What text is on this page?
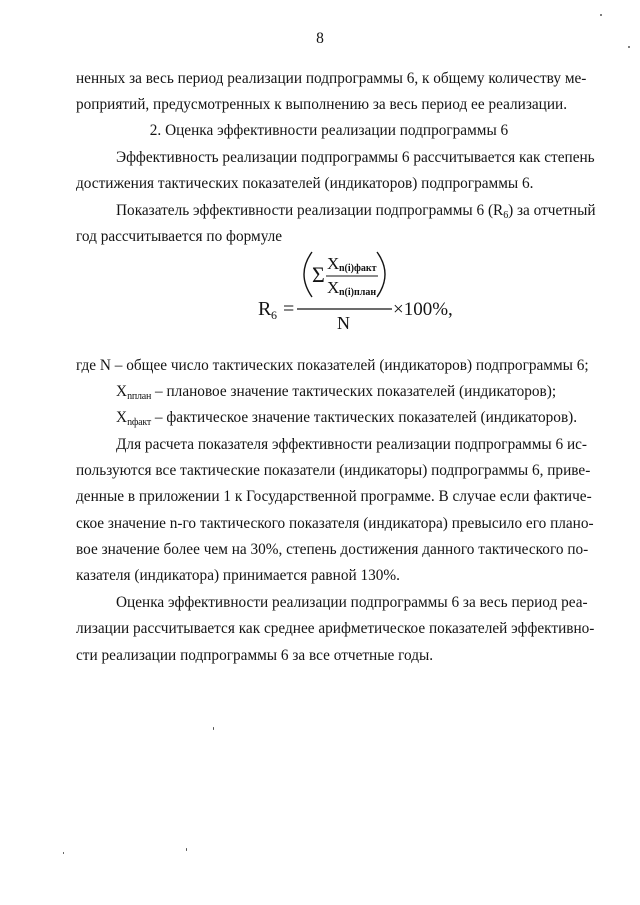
8
ненных за весь период реализации подпрограммы 6, к общему количеству ме-
роприятий, предусмотренных к выполнению за весь период ее реализации.
2. Оценка эффективности реализации подпрограммы 6
Эффективность реализации подпрограммы 6 рассчитывается как степень
достижения тактических показателей (индикаторов) подпрограммы 6.
Показатель эффективности реализации подпрограммы 6 $(R_6)$ за отчетный
год рассчитывается по формуле
R 6 =
Σ X n(i)факт
X n(i)план
N
×100%,
где N – общее число тактических показателей (индикаторов) подпрограммы 6;
$X_{nплан}$ – плановое значение тактических показателей (индикаторов);
$X_{nфакт}$ – фактическое значение тактических показателей (индикаторов).
Для расчета показателя эффективности реализации подпрограммы 6 ис-
пользуются все тактические показатели (индикаторы) подпрограммы 6, приве-
денные в приложении 1 к Государственной программе. В случае если фактиче-
ское значение n-го тактического показателя (индикатора) превысило его плано-
вое значение более чем на 30%, степень достижения данного тактического по-
казателя (индикатора) принимается равной 130%.
Оценка эффективности реализации подпрограммы 6 за весь период реа-
лизации рассчитывается как среднее арифметическое показателей эффективно-
сти реализации подпрограммы 6 за все отчетные годы.
